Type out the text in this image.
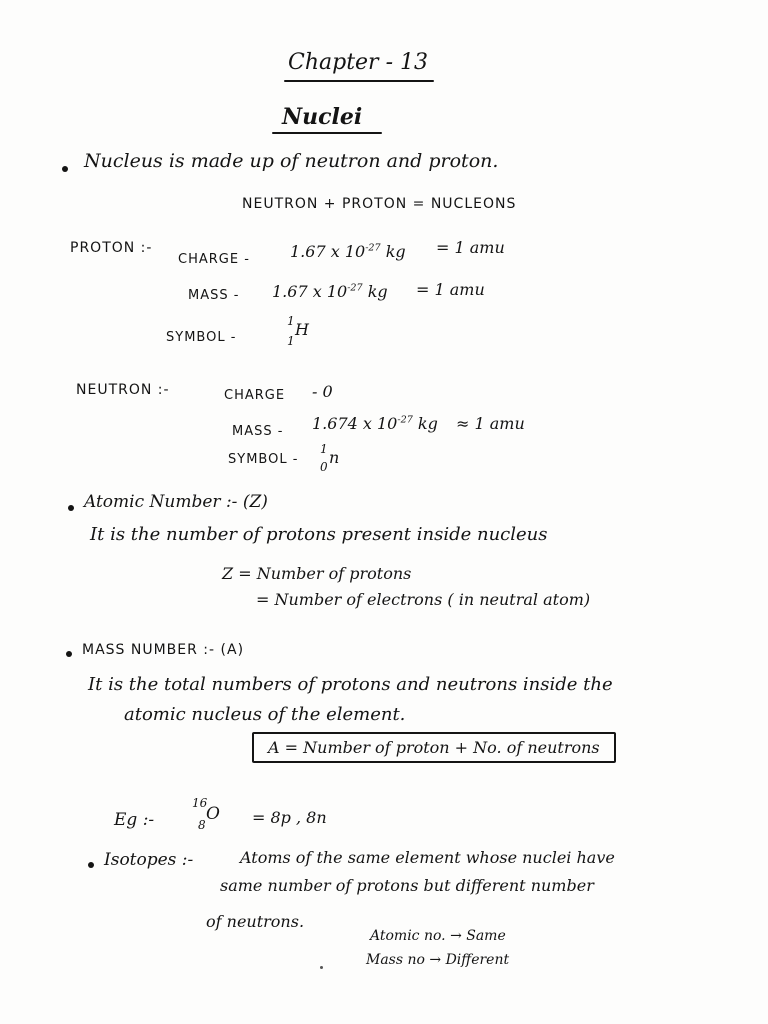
Chapter - 13
Nuclei
Nucleus is made up of neutron and proton.
NEUTRON + PROTON = NUCLEONS
PROTON :-
CHARGE -	1.67 x $10^{-27}$ kg = 1 amu
MASS - 1.67 x $10^{-27}$ kg = 1 amu
SYMBOL -
1
1
H
NEUTRON :-	CHARGE - 0
MASS - 1.674 x $10^{-27}$ kg ≈ 1 amu
SYMBOL -
1
0 n
Atomic Number :- (Z)
It is the number of protons present inside nucleus
Z = Number of protons
= Number of electrons ( in neutral atom)
MASS NUMBER :- (A)
It is the total numbers of protons and neutrons inside the
atomic nucleus of the element.
A = Number of proton + No. of neutrons
Eg :-
16
8
O = 8p , 8n
Isotopes :-	Atoms of the same element whose nuclei have
same number of protons but different number
of neutrons.
Atomic no. → Same
Mass no → Different
